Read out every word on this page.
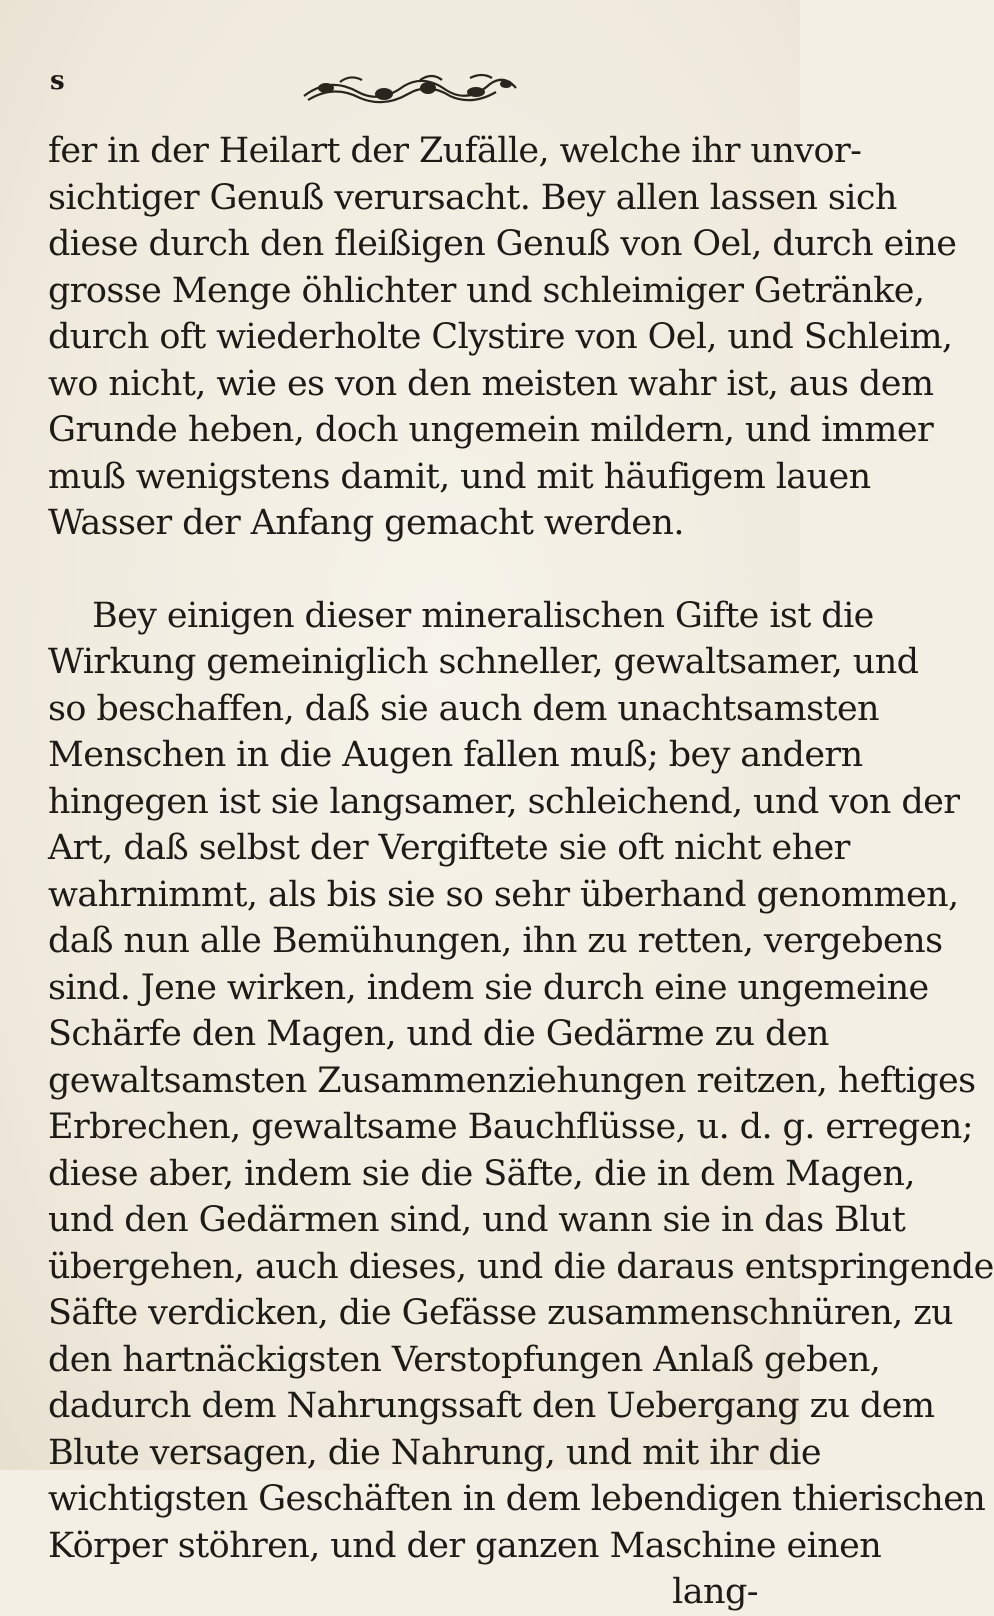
s
fer in der Heilart der Zufälle, welche ihr unvor-
sichtiger Genuß verursacht. Bey allen lassen sich
diese durch den fleißigen Genuß von Oel, durch eine
grosse Menge öhlichter und schleimiger Getränke,
durch oft wiederholte Clystire von Oel, und Schleim,
wo nicht, wie es von den meisten wahr ist, aus dem
Grunde heben, doch ungemein mildern, und immer
muß wenigstens damit, und mit häufigem lauen
Wasser der Anfang gemacht werden.
Bey einigen dieser mineralischen Gifte ist die
Wirkung gemeiniglich schneller, gewaltsamer, und
so beschaffen, daß sie auch dem unachtsamsten
Menschen in die Augen fallen muß; bey andern
hingegen ist sie langsamer, schleichend, und von der
Art, daß selbst der Vergiftete sie oft nicht eher
wahrnimmt, als bis sie so sehr überhand genommen,
daß nun alle Bemühungen, ihn zu retten, vergebens
sind. Jene wirken, indem sie durch eine ungemeine
Schärfe den Magen, und die Gedärme zu den
gewaltsamsten Zusammenziehungen reitzen, heftiges
Erbrechen, gewaltsame Bauchflüsse, u. d. g. erregen;
diese aber, indem sie die Säfte, die in dem Magen,
und den Gedärmen sind, und wann sie in das Blut
übergehen, auch dieses, und die daraus entspringende
Säfte verdicken, die Gefässe zusammenschnüren, zu
den hartnäckigsten Verstopfungen Anlaß geben,
dadurch dem Nahrungssaft den Uebergang zu dem
Blute versagen, die Nahrung, und mit ihr die
wichtigsten Geschäften in dem lebendigen thierischen
Körper stöhren, und der ganzen Maschine einen
lang-
